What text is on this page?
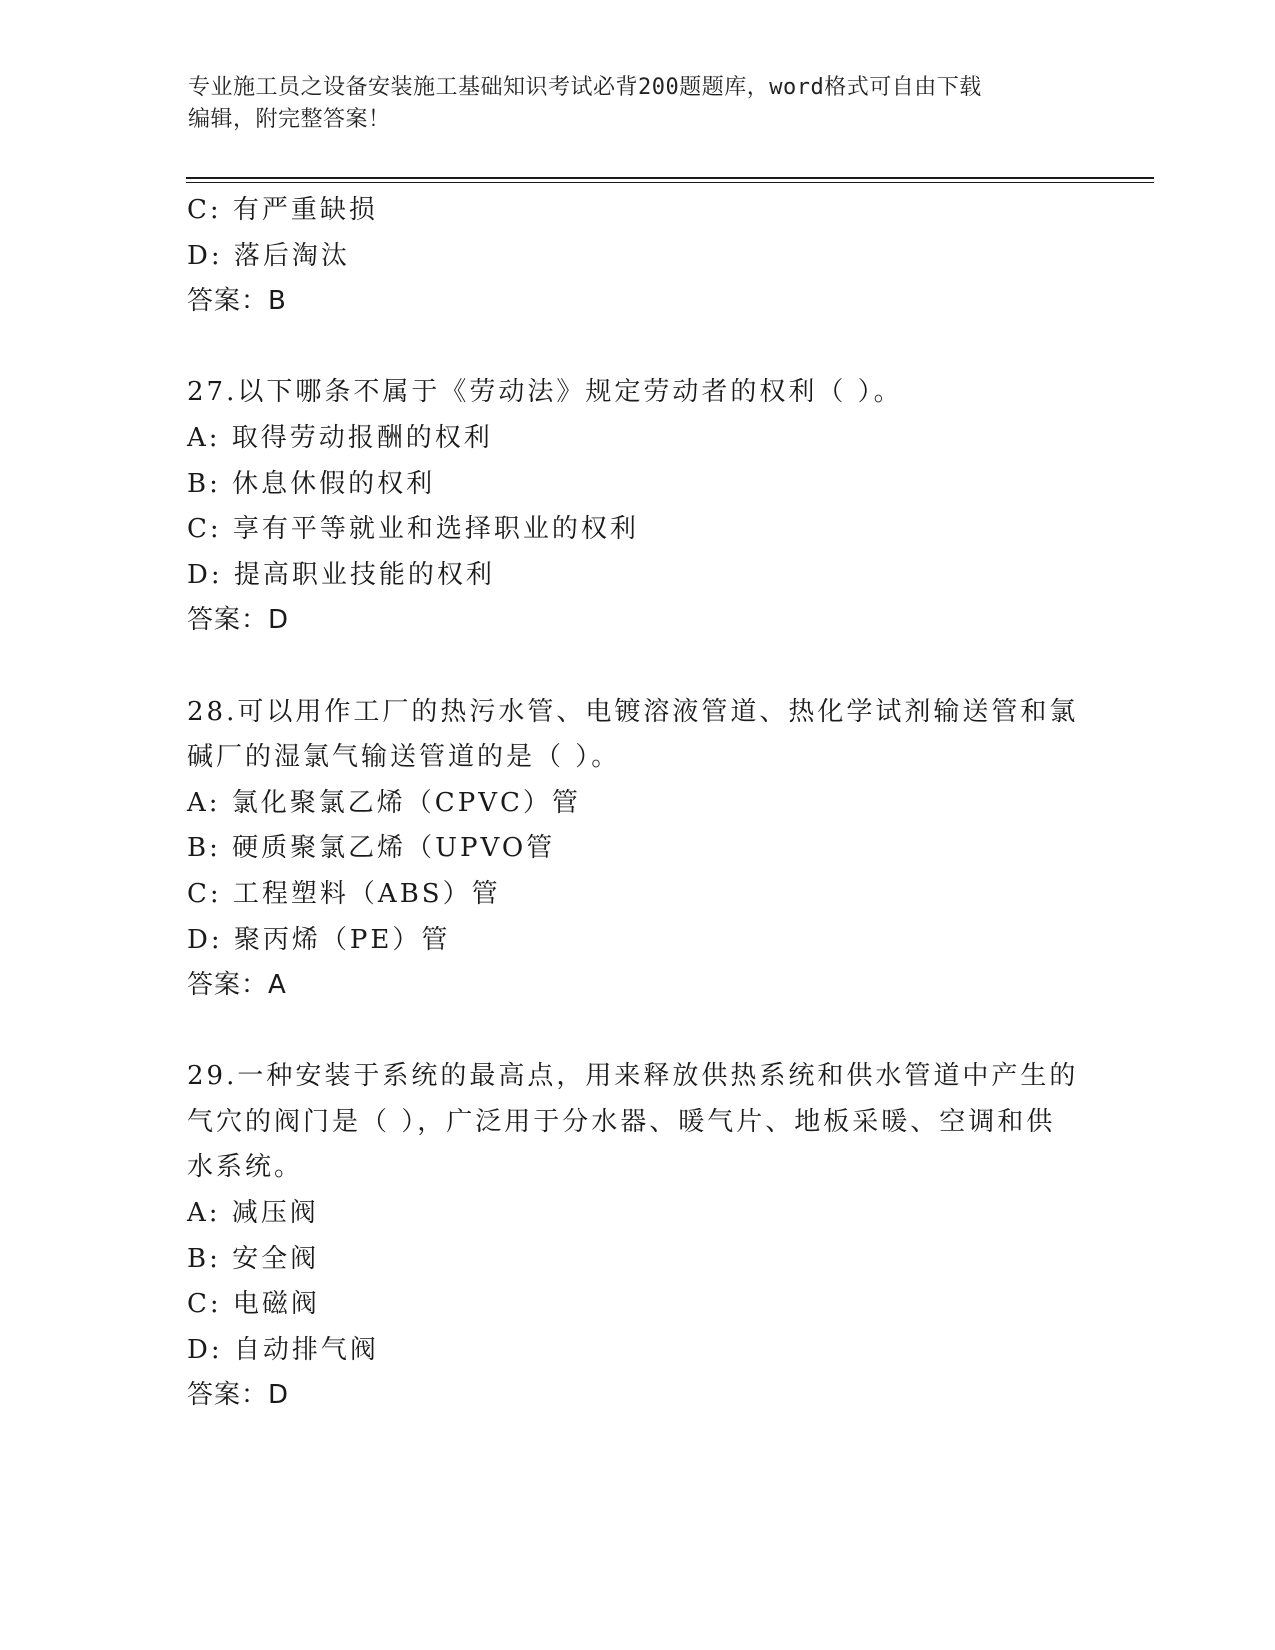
专业施工员之设备安装施工基础知识考试必背200题题库，word格式可自由下载
编辑，附完整答案！
C: 有严重缺损
D: 落后淘汰
答案：B
27.以下哪条不属于《劳动法》规定劳动者的权利（ ）。
A: 取得劳动报酬的权利
B: 休息休假的权利
C: 享有平等就业和选择职业的权利
D: 提高职业技能的权利
答案：D
28.可以用作工厂的热污水管、电镀溶液管道、热化学试剂输送管和氯
碱厂的湿氯气输送管道的是（ ）。
A: 氯化聚氯乙烯（CPVC）管
B: 硬质聚氯乙烯（UPVO管
C: 工程塑料（ABS）管
D: 聚丙烯（PE）管
答案：A
29.一种安装于系统的最高点，用来释放供热系统和供水管道中产生的
气穴的阀门是（ ），广泛用于分水器、暖气片、地板采暖、空调和供
水系统。
A: 减压阀
B: 安全阀
C: 电磁阀
D: 自动排气阀
答案：D
